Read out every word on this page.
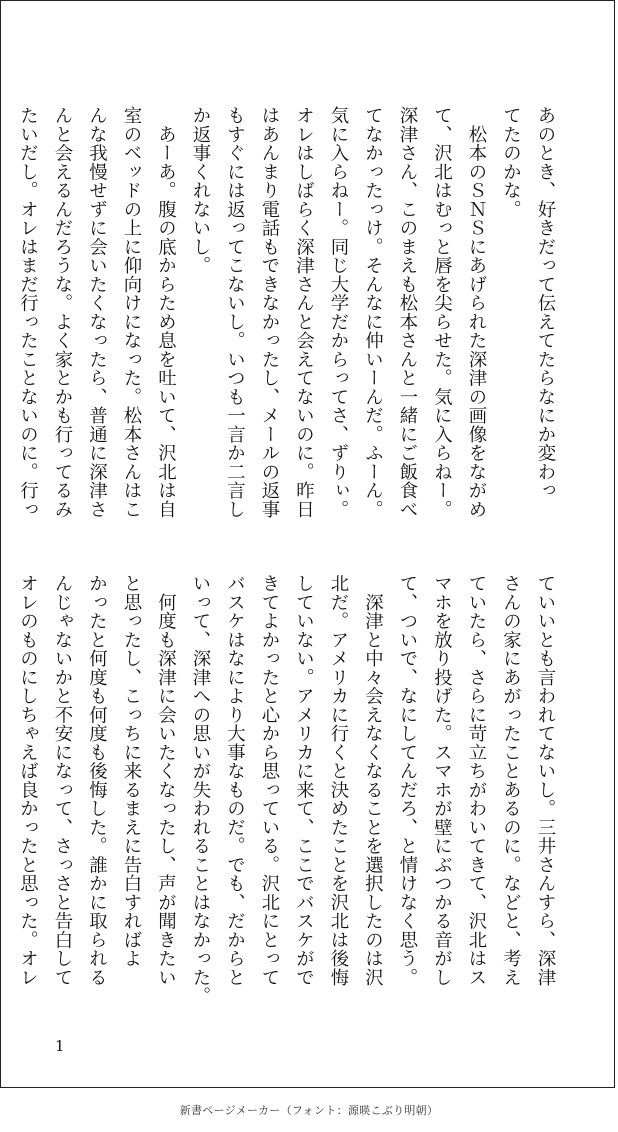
あのとき、好きだって伝えてたらなにか変わっ
てたのかな。
　松本のＳＮＳにあげられた深津の画像をながめ
て、沢北はむっと唇を尖らせた。気に入らねー。
深津さん、このまえも松本さんと一緒にご飯食べ
てなかったっけ。そんなに仲いーんだ。ふーん。
気に入らねー。同じ大学だからってさ、ずりぃ。
オレはしばらく深津さんと会えてないのに。昨日
はあんまり電話もできなかったし、メールの返事
もすぐには返ってこないし。いつも一言か二言し
か返事くれないし。
　あーあ。腹の底からため息を吐いて、沢北は自
室のベッドの上に仰向けになった。松本さんはこ
んな我慢せずに会いたくなったら、普通に深津さ
んと会えるんだろうな。よく家とかも行ってるみ
たいだし。オレはまだ行ったことないのに。行っ
ていいとも言われてないし。三井さんすら、深津
さんの家にあがったことあるのに。などと、考え
ていたら、さらに苛立ちがわいてきて、沢北はス
マホを放り投げた。スマホが壁にぶつかる音がし
て、ついで、なにしてんだろ、と情けなく思う。
　深津と中々会えなくなることを選択したのは沢
北だ。アメリカに行くと決めたことを沢北は後悔
していない。アメリカに来て、ここでバスケがで
きてよかったと心から思っている。沢北にとって
バスケはなにより大事なものだ。でも、だからと
いって、深津への思いが失われることはなかった。
　何度も深津に会いたくなったし、声が聞きたい
と思ったし、こっちに来るまえに告白すればよ
かったと何度も何度も後悔した。誰かに取られる
んじゃないかと不安になって、さっさと告白して
オレのものにしちゃえば良かったと思った。オレ
1
新書ページメーカー（フォント：源暎こぶり明朝）
